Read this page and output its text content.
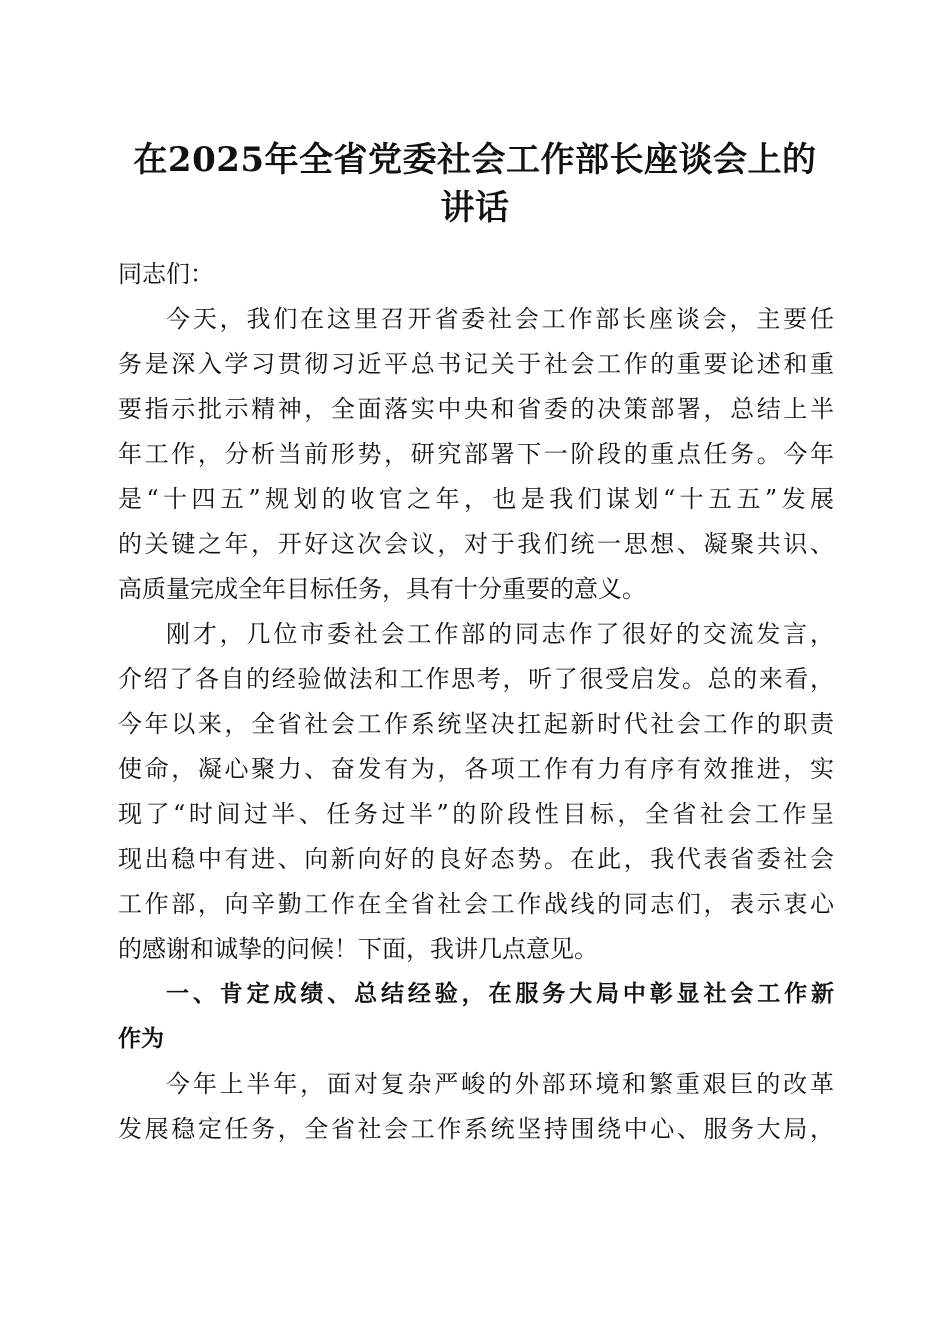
在2025年全省党委社会工作部长座谈会上的
讲话
同志们：
今天，我们在这里召开省委社会工作部长座谈会，主要任
务是深入学习贯彻习近平总书记关于社会工作的重要论述和重
要指示批示精神，全面落实中央和省委的决策部署，总结上半
年工作，分析当前形势，研究部署下一阶段的重点任务。今年
是“十四五”规划的收官之年，也是我们谋划“十五五”发展
的关键之年，开好这次会议，对于我们统一思想、凝聚共识、
高质量完成全年目标任务，具有十分重要的意义。
刚才，几位市委社会工作部的同志作了很好的交流发言，
介绍了各自的经验做法和工作思考，听了很受启发。总的来看，
今年以来，全省社会工作系统坚决扛起新时代社会工作的职责
使命，凝心聚力、奋发有为，各项工作有力有序有效推进，实
现了“时间过半、任务过半”的阶段性目标，全省社会工作呈
现出稳中有进、向新向好的良好态势。在此，我代表省委社会
工作部，向辛勤工作在全省社会工作战线的同志们，表示衷心
的感谢和诚挚的问候！下面，我讲几点意见。
一、肯定成绩、总结经验，在服务大局中彰显社会工作新
作为
今年上半年，面对复杂严峻的外部环境和繁重艰巨的改革
发展稳定任务，全省社会工作系统坚持围绕中心、服务大局，
